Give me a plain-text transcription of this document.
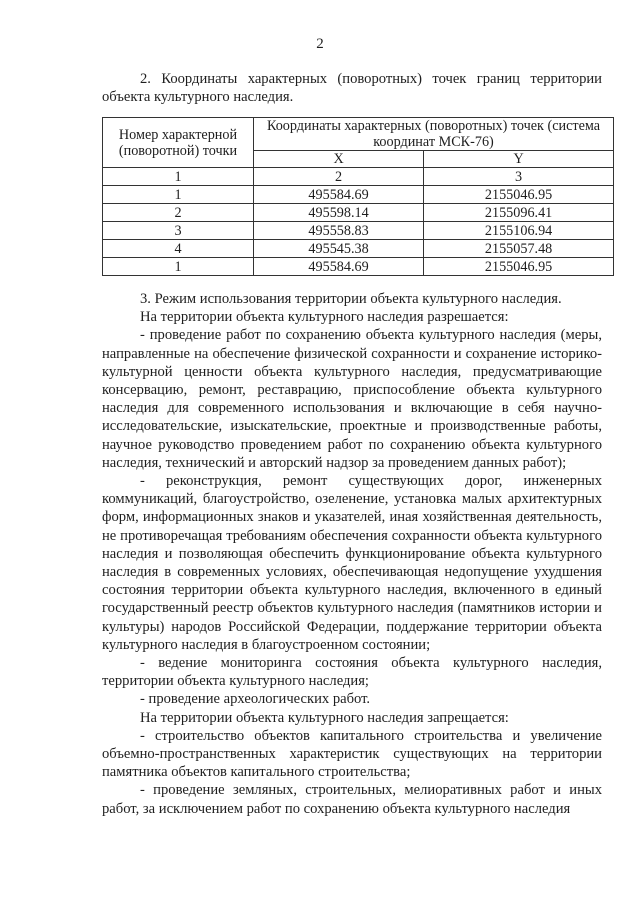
2

2. Координаты характерных (поворотных) точек границ территории объекта культурного наследия.

Номер характерной (поворотной) точки	Координаты характерных (поворотных) точек (система координат МСК-76)	
	X	Y
1	2	3
1	495584.69	2155046.95
2	495598.14	2155096.41
3	495558.83	2155106.94
4	495545.38	2155057.48
1	495584.69	2155046.95

3. Режим использования территории объекта культурного наследия.

На территории объекта культурного наследия разрешается:

- проведение работ по сохранению объекта культурного наследия (меры, направленные на обеспечение физической сохранности и сохранение историко-культурной ценности объекта культурного наследия, предусматривающие консервацию, ремонт, реставрацию, приспособление объекта культурного наследия для современного использования и включающие в себя научно-исследовательские, изыскательские, проектные и производственные работы, научное руководство проведением работ по сохранению объекта культурного наследия, технический и авторский надзор за проведением данных работ);

- реконструкция, ремонт существующих дорог, инженерных коммуникаций, благоустройство, озеленение, установка малых архитектурных форм, информационных знаков и указателей, иная хозяйственная деятельность, не противоречащая требованиям обеспечения сохранности объекта культурного наследия и позволяющая обеспечить функционирование объекта культурного наследия в современных условиях, обеспечивающая недопущение ухудшения состояния территории объекта культурного наследия, включенного в единый государственный реестр объектов культурного наследия (памятников истории и культуры) народов Российской Федерации, поддержание территории объекта культурного наследия в благоустроенном состоянии;

- ведение мониторинга состояния объекта культурного наследия, территории объекта культурного наследия;

- проведение археологических работ.

На территории объекта культурного наследия запрещается:

- строительство объектов капитального строительства и увеличение объемно-пространственных характеристик существующих на территории памятника объектов капитального строительства;

- проведение земляных, строительных, мелиоративных работ и иных работ, за исключением работ по сохранению объекта культурного наследия
